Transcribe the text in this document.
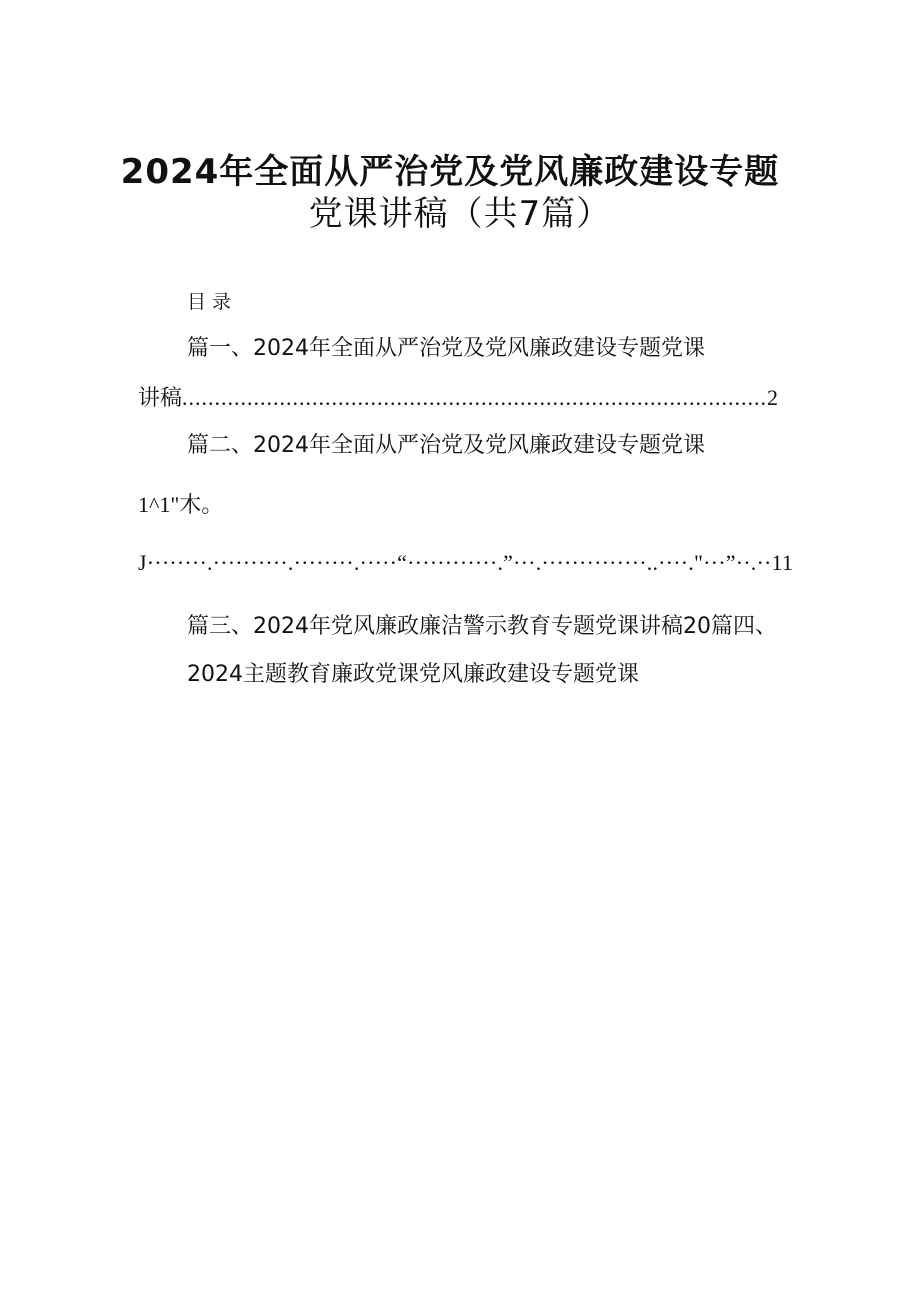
2024年全面从严治党及党风廉政建设专题
党课讲稿（共7篇）
目录
篇一、2024年全面从严治党及党风廉政建设专题党课
讲稿
.....	2
篇二、2024年全面从严治党及党风廉政建设专题党课
1^1"木。
J········.··········.········.·····“············.”···.··············..····."···”··.··11
篇三、2024年党风廉政廉洁警示教育专题党课讲稿20篇四、
2024主题教育廉政党课党风廉政建设专题党课
